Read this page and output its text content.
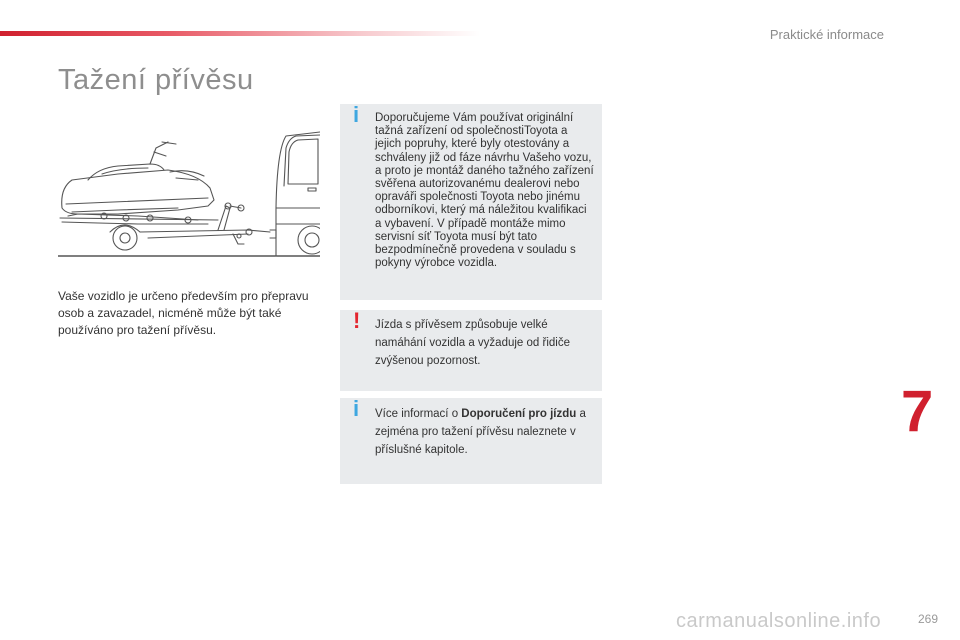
Praktické informace
Tažení přívěsu
Vaše vozidlo je určeno především pro přepravu osob a zavazadel, nicméně může být také používáno pro tažení přívěsu.
i Doporučujeme Vám používat originální tažná zařízení od společnostiToyota a jejich popruhy, které byly otestovány a schváleny již od fáze návrhu Vašeho vozu, a proto je montáž daného tažného zařízení svěřena autorizovanému dealerovi nebo opraváři společnosti Toyota nebo jinému odborníkovi, který má náležitou kvalifikaci a vybavení. V případě montáže mimo servisní síť Toyota musí být tato bezpodmínečně provedena v souladu s pokyny výrobce vozidla.
! Jízda s přívěsem způsobuje velké namáhání vozidla a vyžaduje od řidiče zvýšenou pozornost.
i Více informací o Doporučení pro jízdu a zejména pro tažení přívěsu naleznete v příslušné kapitole.
7
carmanualsonline.info	269
